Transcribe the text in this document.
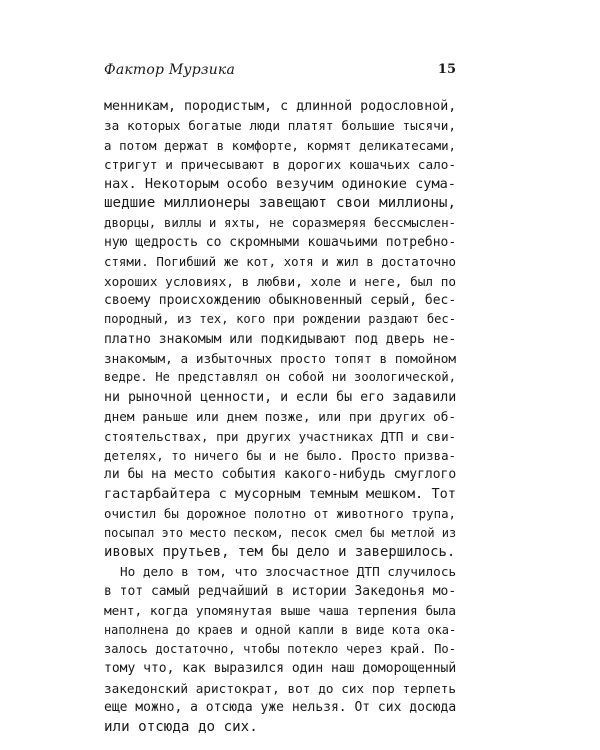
Фактор Мурзика	15
менникам, породистым, с длинной родословной,
за которых богатые люди платят большие тысячи,
а потом держат в комфорте, кормят деликатесами,
стригут и причесывают в дорогих кошачьих сало-
нах. Некоторым особо везучим одинокие сума-
шедшие миллионеры завещают свои миллионы,
дворцы, виллы и яхты, не соразмеряя бессмыслен-
ную щедрость со скромными кошачьими потребно-
стями. Погибший же кот, хотя и жил в достаточно
хороших условиях, в любви, холе и неге, был по
своему происхождению обыкновенный серый, бес-
породный, из тех, кого при рождении раздают бес-
платно знакомым или подкидывают под дверь не-
знакомым, а избыточных просто топят в помойном
ведре. Не представлял он собой ни зоологической,
ни рыночной ценности, и если бы его задавили
днем раньше или днем позже, или при других об-
стоятельствах, при других участниках ДТП и сви-
детелях, то ничего бы и не было. Просто призва-
ли бы на место события какого-нибудь смуглого
гастарбайтера с мусорным темным мешком. Тот
очистил бы дорожное полотно от животного трупа,
посыпал это место песком, песок смел бы метлой из
ивовых прутьев, тем бы дело и завершилось.
Но дело в том, что злосчастное ДТП случилось
в тот самый редчайший в истории Закедонья мо-
мент, когда упомянутая выше чаша терпения была
наполнена до краев и одной капли в виде кота ока-
залось достаточно, чтобы потекло через край. По-
тому что, как выразился один наш доморощенный
закедонский аристократ, вот до сих пор терпеть
еще можно, а отсюда уже нельзя. От сих досюда
или отсюда до сих.
